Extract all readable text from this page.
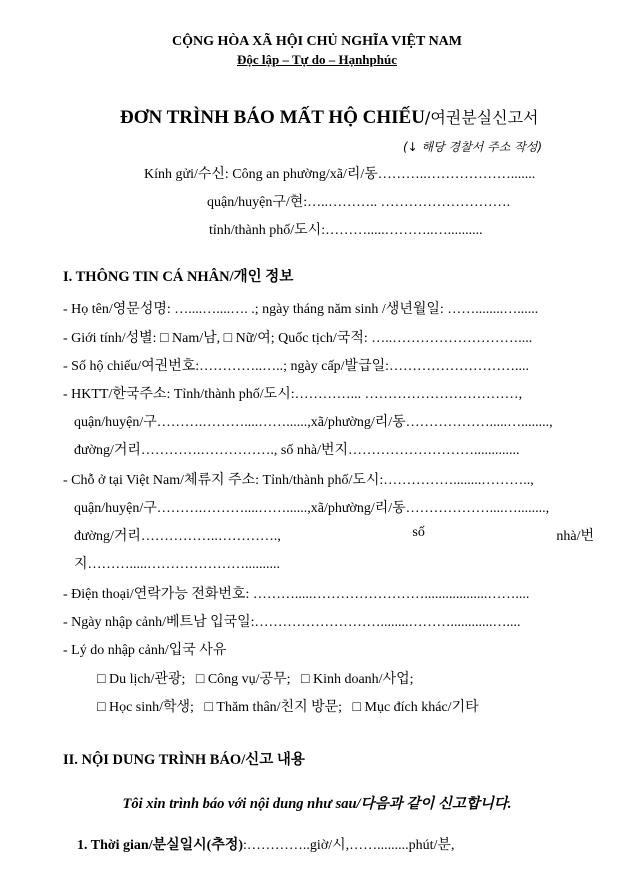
CỘNG HÒA XÃ HỘI CHỦ NGHĨA VIỆT NAM
Độc lập – Tự do – Hạnhphúc
ĐƠN TRÌNH BÁO MẤT HỘ CHIẾU/여권분실신고서
(↓ 해당 경찰서 주소 작성)
Kính gửi/수신: Công an phường/xã/리/동………..……………….......
quận/huyện구/현:…..……….. ……………………….
tỉnh/thành phố/도시:……….....………..…..........
I. THÔNG TIN CÁ NHÂN/개인 정보
- Họ tên/영문성명: …....…....…. .; ngày tháng năm sinh /생년월일: ……........…......
- Giới tính/성별: □ Nam/남, □ Nữ/여; Quốc tịch/국적: …..………………………....
- Số hộ chiếu/여권번호:…………..…..; ngày cấp/발급일:………………………....
- HKTT/한국주소: Tỉnh/thành phố/도시:…………... ……………………………,
quận/huyện/구……….………....……......,xã/phường/리/동……………….....…........,
đường/거리………….……………., số nhà/번지……………………….............
- Chỗ ở tại Việt Nam/체류지 주소: Tỉnh/thành phố/도시:……………........………..,
quận/huyện/구……….………....……......,xã/phường/리/동………………....…........,
đường/거리……………..………….,	số	nhà/번
지……….....…………………..........
- Điện thoại/연락가능 전화번호: ……….....……………………..................……....
- Ngày nhập cảnh/베트남 입국일:………………………........………............…....
- Lý do nhập cảnh/입국 사유
□ Du lịch/관광;   □ Công vụ/공무;   □ Kinh doanh/사업;
□ Học sinh/학생;   □ Thăm thân/친지 방문;   □ Mục đích khác/기타
II. NỘI DUNG TRÌNH BÁO/신고 내용
Tôi xin trình báo với nội dung như sau/다음과 같이 신고합니다.
1. Thời gian/분실일시(추정):…………..giờ/시,…….........phút/분,
